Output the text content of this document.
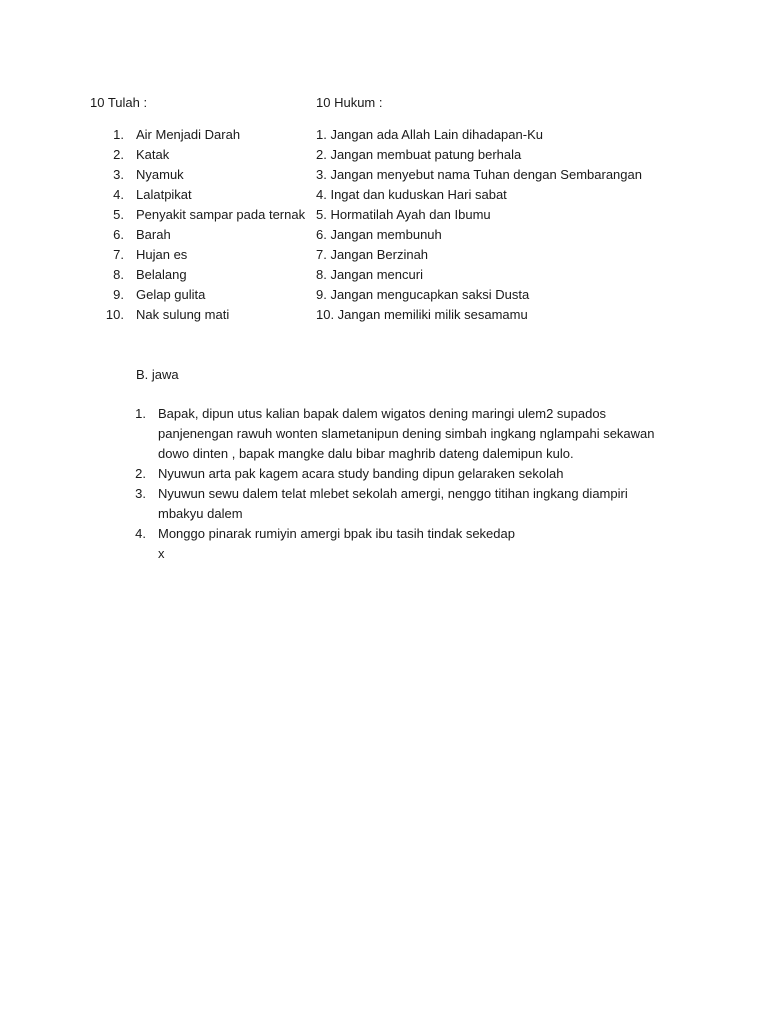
10 Tulah :	10 Hukum :
1. Air Menjadi Darah
2. Katak
3. Nyamuk
4. Lalatpikat
5. Penyakit sampar pada ternak
6. Barah
7. Hujan es
8. Belalang
9. Gelap gulita
10. Nak sulung mati
1. Jangan ada Allah Lain dihadapan-Ku
2. Jangan membuat patung berhala
3. Jangan menyebut nama Tuhan dengan Sembarangan
4. Ingat dan kuduskan Hari sabat
5. Hormatilah Ayah dan Ibumu
6. Jangan membunuh
7. Jangan Berzinah
8. Jangan mencuri
9. Jangan mengucapkan saksi Dusta
10. Jangan memiliki milik sesamamu
B. jawa
1. Bapak, dipun utus kalian bapak dalem wigatos dening maringi ulem2 supados panjenengan rawuh wonten slametanipun dening simbah ingkang nglampahi sekawan dowo dinten , bapak mangke dalu bibar maghrib dateng dalemipun kulo.
2. Nyuwun arta pak kagem acara study banding dipun gelaraken sekolah
3. Nyuwun sewu dalem telat mlebet sekolah amergi, nenggo titihan ingkang diampiri mbakyu dalem
4. Monggo pinarak rumiyin amergi bpak ibu tasih tindak sekedap
x
